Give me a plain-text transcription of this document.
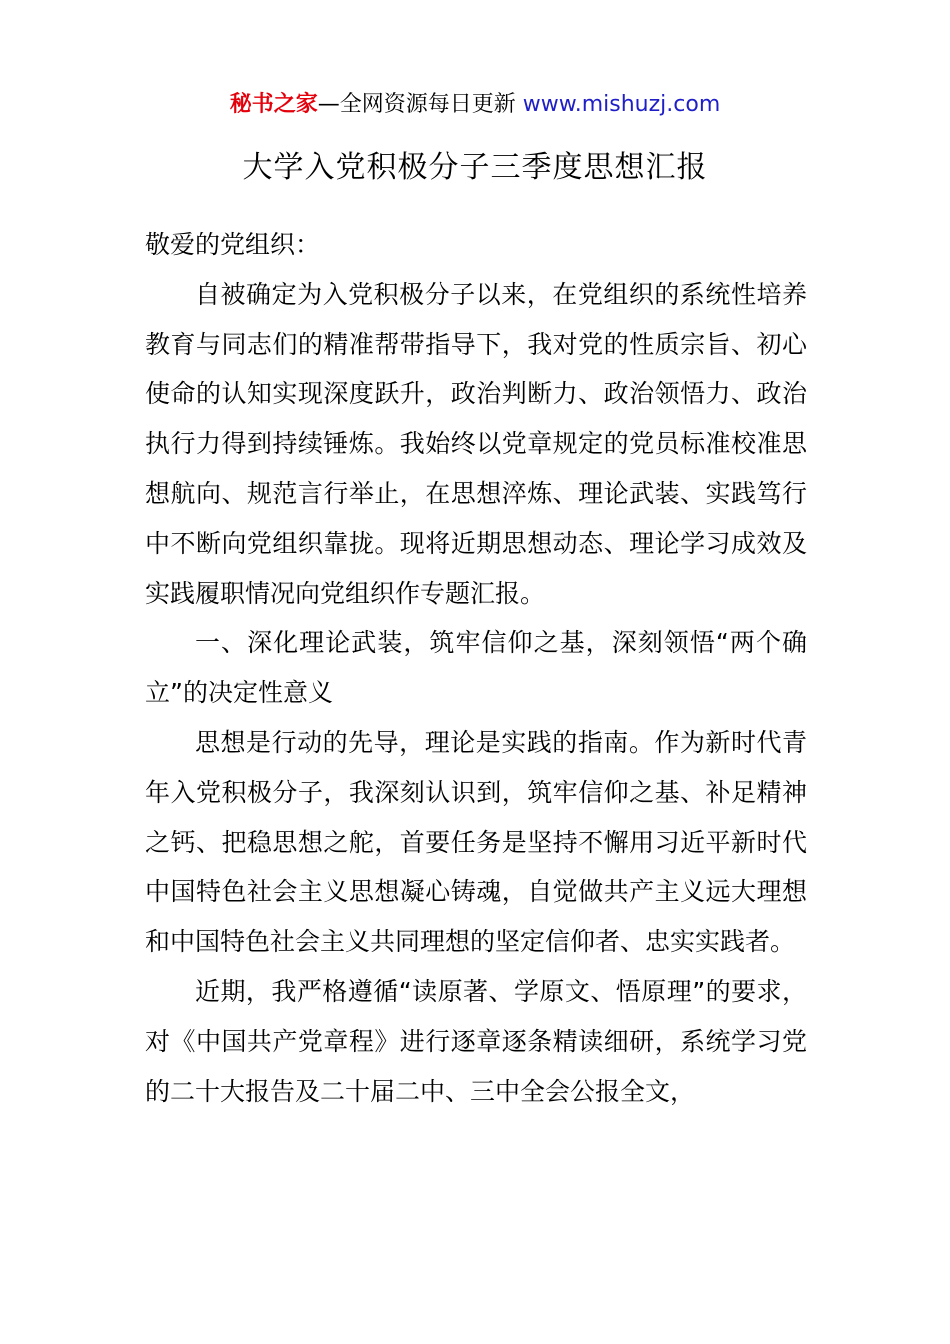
秘书之家—全网资源每日更新 www.mishuzj.com
大学入党积极分子三季度思想汇报

敬爱的党组织：

自被确定为入党积极分子以来，在党组织的系统性培养教育与同志们的精准帮带指导下，我对党的性质宗旨、初心使命的认知实现深度跃升，政治判断力、政治领悟力、政治执行力得到持续锤炼。我始终以党章规定的党员标准校准思想航向、规范言行举止，在思想淬炼、理论武装、实践笃行中不断向党组织靠拢。现将近期思想动态、理论学习成效及实践履职情况向党组织作专题汇报。

一、深化理论武装，筑牢信仰之基，深刻领悟“两个确立”的决定性意义

思想是行动的先导，理论是实践的指南。作为新时代青年入党积极分子，我深刻认识到，筑牢信仰之基、补足精神之钙、把稳思想之舵，首要任务是坚持不懈用习近平新时代中国特色社会主义思想凝心铸魂，自觉做共产主义远大理想和中国特色社会主义共同理想的坚定信仰者、忠实实践者。

近期，我严格遵循“读原著、学原文、悟原理”的要求，对《中国共产党章程》进行逐章逐条精读细研，系统学习党的二十大报告及二十届二中、三中全会公报全文，
